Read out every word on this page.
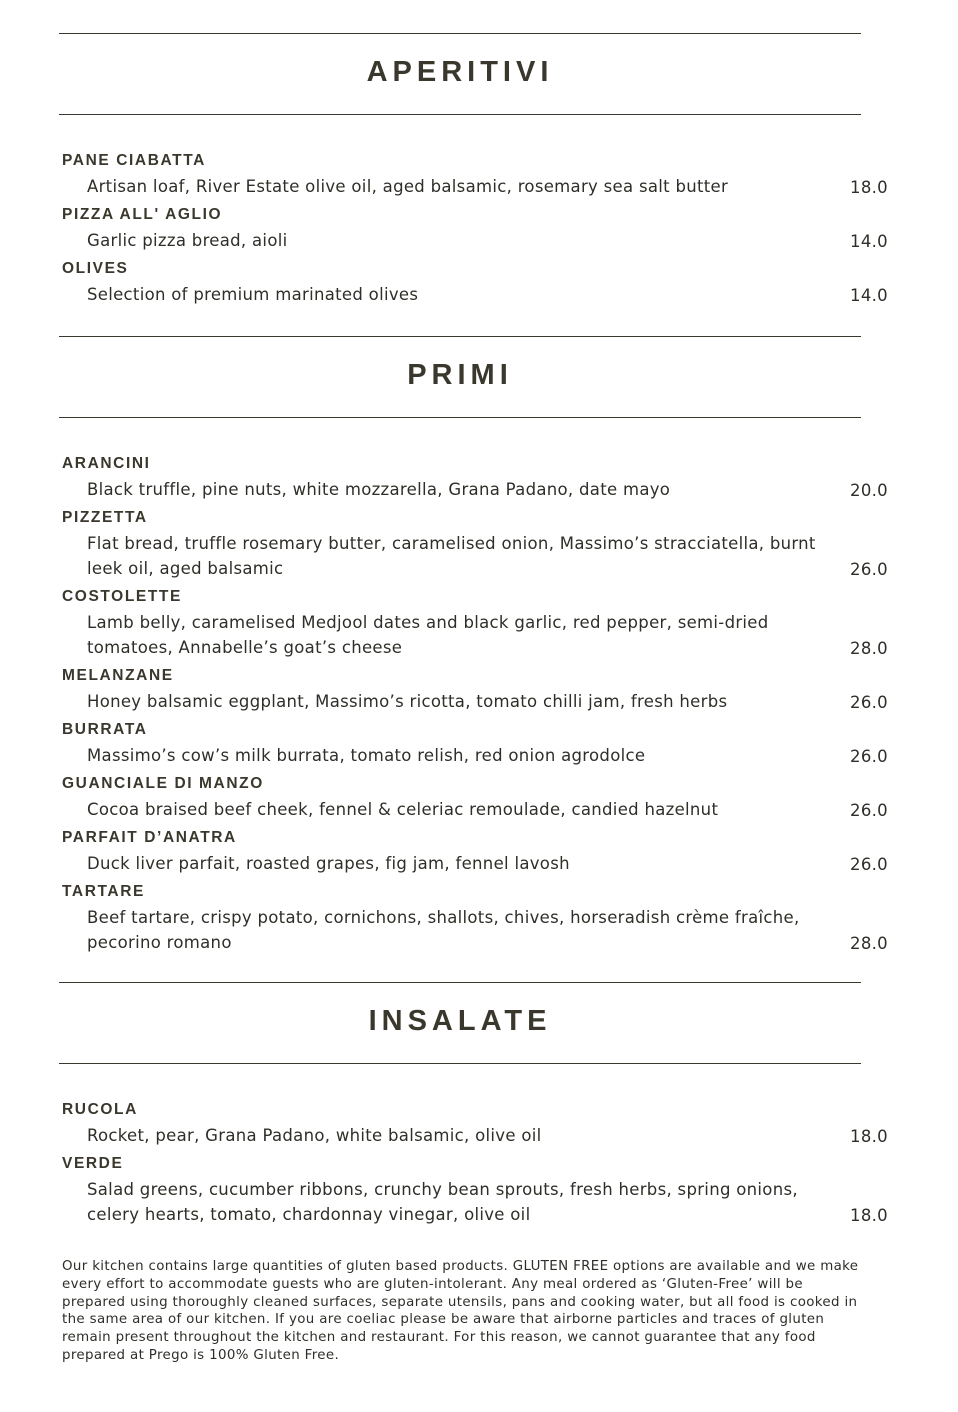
APERITIVI
PANE CIABATTA
Artisan loaf, River Estate olive oil, aged balsamic, rosemary sea salt butter	18.0
PIZZA ALL' AGLIO
Garlic pizza bread, aioli	14.0
OLIVES
Selection of premium marinated olives	14.0
PRIMI
ARANCINI
Black truffle, pine nuts, white mozzarella, Grana Padano, date mayo	20.0
PIZZETTA
Flat bread, truffle rosemary butter, caramelised onion, Massimo’s stracciatella, burnt leek oil, aged balsamic	26.0
COSTOLETTE
Lamb belly, caramelised Medjool dates and black garlic, red pepper, semi-dried tomatoes, Annabelle’s goat’s cheese	28.0
MELANZANE
Honey balsamic eggplant, Massimo’s ricotta, tomato chilli jam, fresh herbs	26.0
BURRATA
Massimo’s cow’s milk burrata, tomato relish, red onion agrodolce	26.0
GUANCIALE DI MANZO
Cocoa braised beef cheek, fennel & celeriac remoulade, candied hazelnut	26.0
PARFAIT D’ANATRA
Duck liver parfait, roasted grapes, fig jam, fennel lavosh	26.0
TARTARE
Beef tartare, crispy potato, cornichons, shallots, chives, horseradish crème fraîche, pecorino romano	28.0
INSALATE
RUCOLA
Rocket, pear, Grana Padano, white balsamic, olive oil	18.0
VERDE
Salad greens, cucumber ribbons, crunchy bean sprouts, fresh herbs, spring onions, celery hearts, tomato, chardonnay vinegar, olive oil	18.0
Our kitchen contains large quantities of gluten based products. GLUTEN FREE options are available and we make every effort to accommodate guests who are gluten-intolerant. Any meal ordered as ‘Gluten-Free’ will be prepared using thoroughly cleaned surfaces, separate utensils, pans and cooking water, but all food is cooked in the same area of our kitchen. If you are coeliac please be aware that airborne particles and traces of gluten remain present throughout the kitchen and restaurant. For this reason, we cannot guarantee that any food prepared at Prego is 100% Gluten Free.
